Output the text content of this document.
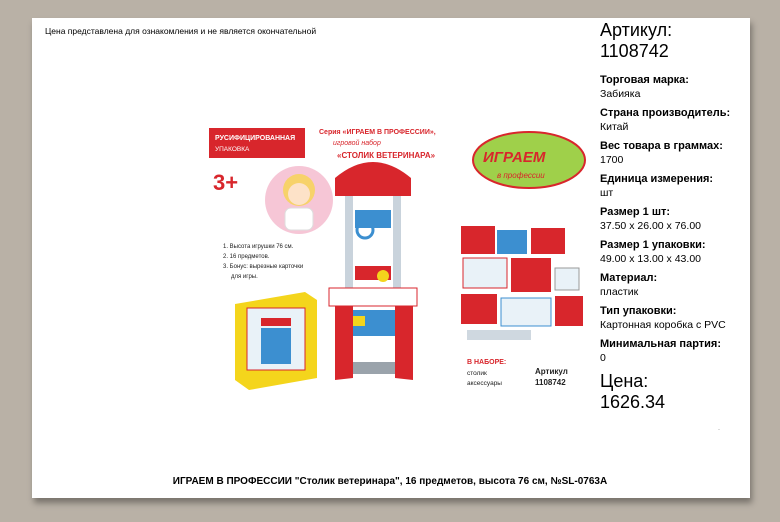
Цена представлена для ознакомления и не является окончательной
РУСИФИЦИРОВАННАЯ
УПАКОВКА
3+
Серия «ИГРАЕМ В ПРОФЕССИИ»,
игровой набор
«СТОЛИК ВЕТЕРИНАРА»	ИГРАЕМ
в профессии
1. Высота игрушки 76 см.
2. 16 предметов.
3. Бонус: вырезные карточки
для игры.
В НАБОРЕ:
столик
аксессуары
Артикул
1108742
Артикул:
1108742
Торговая марка:
Забияка
Страна производитель:
Китай
Вес товара в граммах:
1700
Единица измерения:
шт
Размер 1 шт:
37.50 x 26.00 x 76.00
Размер 1 упаковки:
49.00 x 13.00 x 43.00
Материал:
пластик
Тип упаковки:
Картонная коробка с PVC
Минимальная партия:
0
Цена:
1626.34
·
ИГРАЕМ В ПРОФЕССИИ "Столик ветеринара", 16 предметов, высота 76 см, №SL-0763A
